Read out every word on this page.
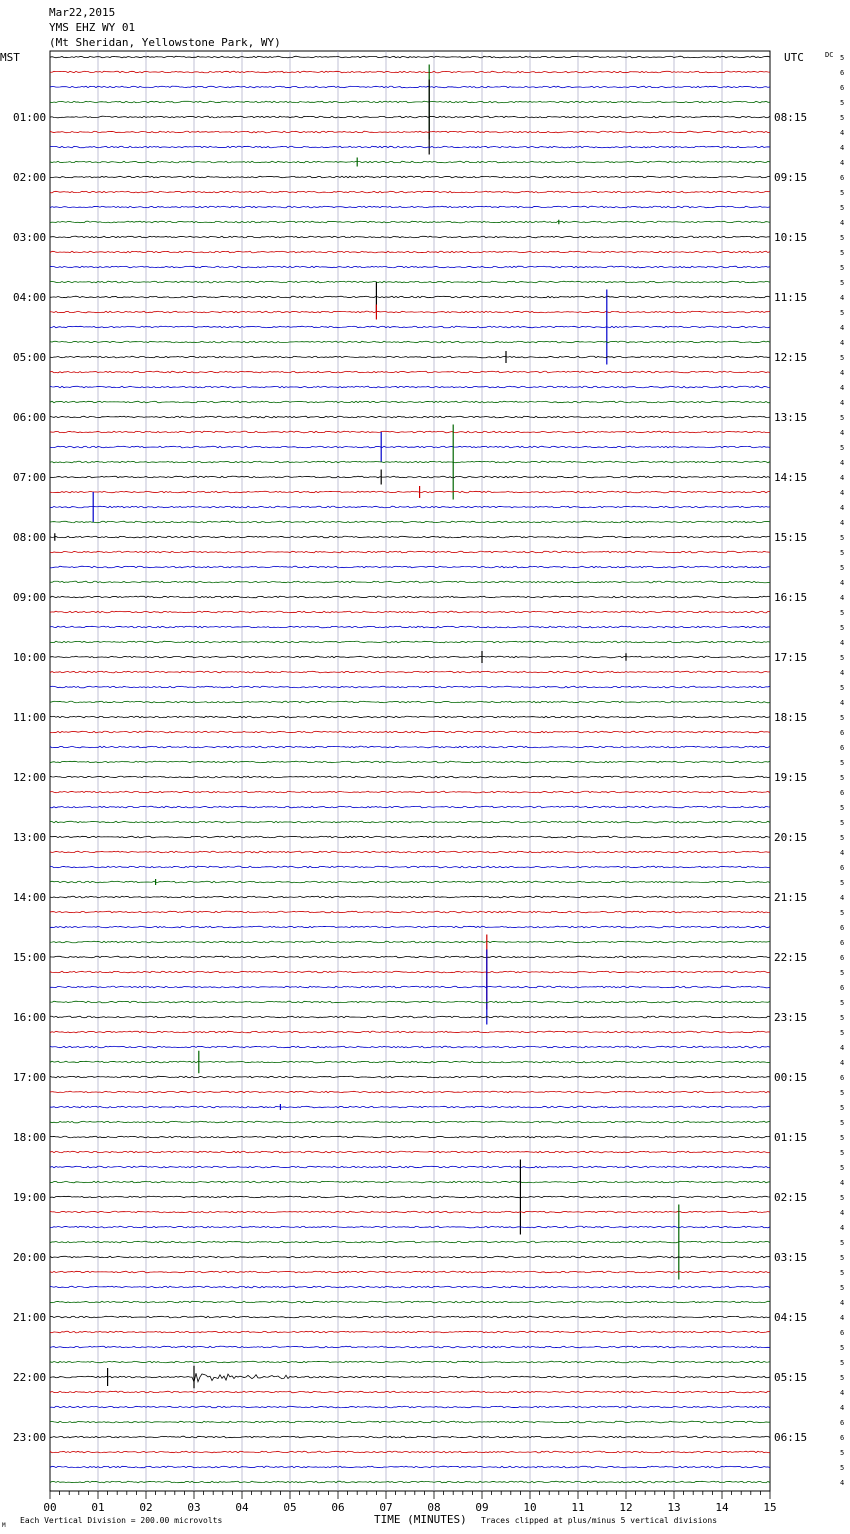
Mar22,2015
YMS EHZ WY 01
(Mt Sheridan, Yellowstone Park, WY)
MST	UTC	DC
01:00
02:00
03:00
04:00
05:00
06:00
07:00
08:00
09:00
10:00
11:00
12:00
13:00
14:00
15:00
16:00
17:00
18:00
19:00
20:00
21:00
22:00
23:00
08:15
09:15
10:15
11:15
12:15
13:15
14:15
15:15
16:15
17:15
18:15
19:15
20:15
21:15
22:15
23:15
00:15
01:15
02:15
03:15
04:15
05:15
06:15
5
6
6
5
5
4
4
4
6
5
5
4
5
5
5
5
4
5
4
4
5
4
4
4
5
4
5
4
4
4
4
4
5
5
5
4
4
5
5
4
5
4
5
4
5
6
6
5
5
6
5
5
5
4
6
5
4
5
6
6
6
5
6
5
5
5
4
4
6
5
5
5
5
5
5
4
5
4
4
5
5
5
5
4
4
6
5
5
5
4
4
6
6
5
5
4
00	01	02	03	04	05	06	07	08	09	10	11	12	13	14	15
M
Each Vertical Division = 200.00 microvolts	TIME (MINUTES) Traces clipped at plus/minus 5 vertical divisions
